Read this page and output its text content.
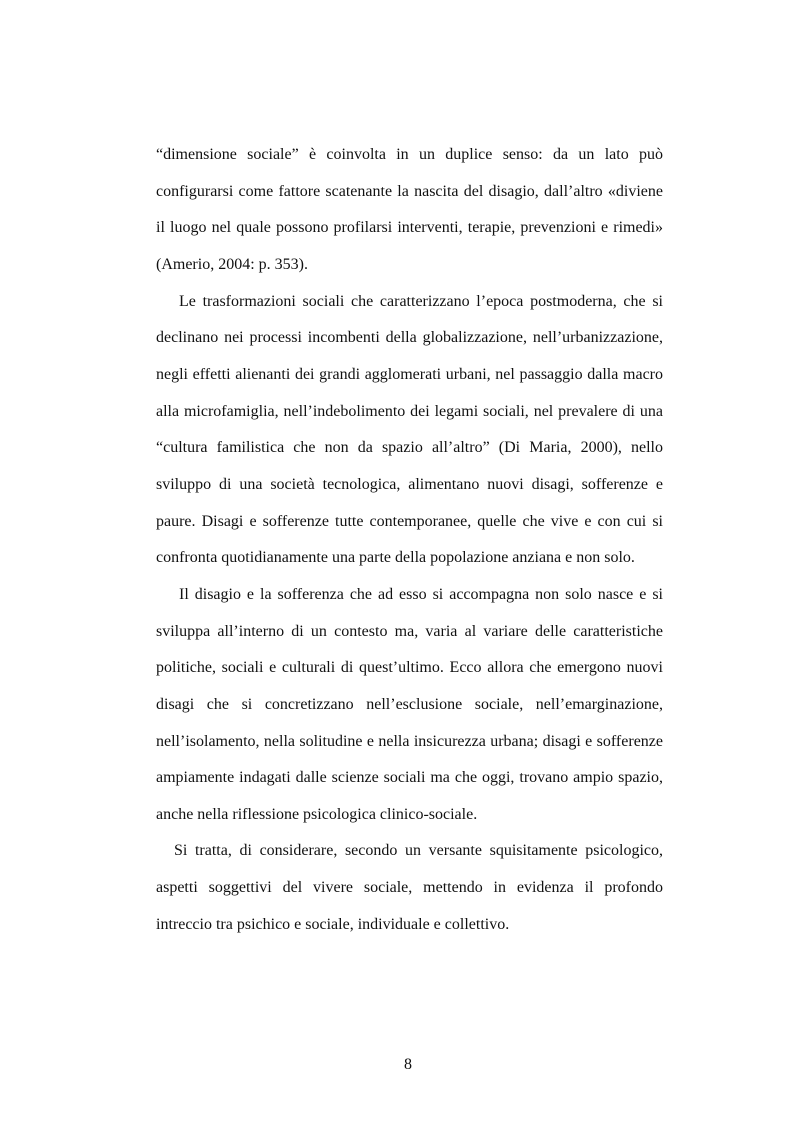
“dimensione sociale” è coinvolta in un duplice senso: da un lato può
configurarsi come fattore scatenante la nascita del disagio, dall’altro «diviene
il luogo nel quale possono profilarsi interventi, terapie, prevenzioni e rimedi»
(Amerio, 2004: p. 353).
Le trasformazioni sociali che caratterizzano l’epoca postmoderna, che si
declinano nei processi incombenti della globalizzazione, nell’urbanizzazione,
negli effetti alienanti dei grandi agglomerati urbani, nel passaggio dalla macro
alla microfamiglia, nell’indebolimento dei legami sociali, nel prevalere di una
“cultura familistica che non da spazio all’altro” (Di Maria, 2000), nello
sviluppo di una società tecnologica, alimentano nuovi disagi, sofferenze e
paure. Disagi e sofferenze tutte contemporanee, quelle che vive e con cui si
confronta quotidianamente una parte della popolazione anziana e non solo.
Il disagio e la sofferenza che ad esso si accompagna non solo nasce e si
sviluppa all’interno di un contesto ma, varia al variare delle caratteristiche
politiche, sociali e culturali di quest’ultimo. Ecco allora che emergono nuovi
disagi che si concretizzano nell’esclusione sociale, nell’emarginazione,
nell’isolamento, nella solitudine e nella insicurezza urbana; disagi e sofferenze
ampiamente indagati dalle scienze sociali ma che oggi, trovano ampio spazio,
anche nella riflessione psicologica clinico-sociale.
Si tratta, di considerare, secondo un versante squisitamente psicologico,
aspetti soggettivi del vivere sociale, mettendo in evidenza il profondo
intreccio tra psichico e sociale, individuale e collettivo.
8
